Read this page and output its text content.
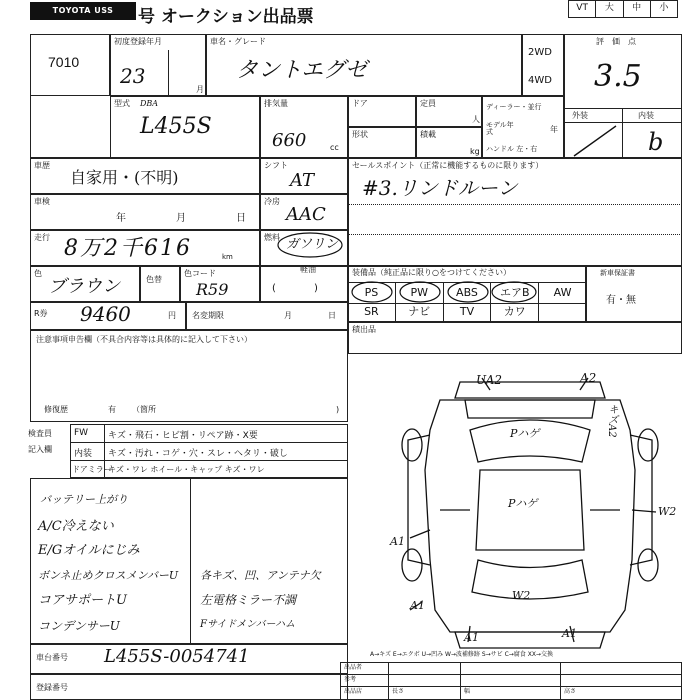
TOYOTA USS AUCTION
号 オークション出品票	VT	大	中	小
7010
初度登録年月
23
月
車名・グレード
タントエグゼ
2WD
4WD
評価点
3.5
外装	内装
b
型式 DBA
L455S
排気量
660	cc
ドア	定員
人
ディーラー・並行
モデル年式	年
ハンドル 左・右
形状	積載
kg
車歴
自家用・(不明)
シフト
AT
車検
年	月	日
冷房
AAC
走行 8万2千616	km
燃料 ガソリン
軽油
色
ブラウン	色替
色コード
R59	(            )
セールスポイント（正常に機能するものに限ります）
#3.リンドルーン
装備品（純正品に限り○をつけてください）
PS	PW	ABS	エアB	AW
SR	ナビ	TV	カワ
新車保証書
有・無
R券 9460	円 名変期限	月	日
積出品
注意事項申告欄（不具合内容等は具体的に記入して下さい）
修復歴	有 （箇所	)
検査員
記入欄
FW キズ・飛石・ヒビ割・リペア跡・X要
内装 キズ・汚れ・コゲ・穴・スレ・ヘタリ・破し
ドアミラー
キズ・ワレ ホイール・キャップ キズ・ワレ
バッテリー上がり
A/C冷えない
E/Gオイルにじみ
ボンネ止めクロスメンバーU
コアサポートU
コンデンサーU
各キズ、凹、アンテナ欠
左電格ミラー不調
Fサイドメンバーハム
車台番号 L455S-0054741
登録番号
UA2	A2
キズA2
Pハゲ
Pハゲ
W2
A1
W2
A1
A1	A1
A→キズ E→エクボ U→凹み W→波補修跡 S→サビ C→腐食 XX→交換
出品者
参考
出品店	長さ	幅	高さ
